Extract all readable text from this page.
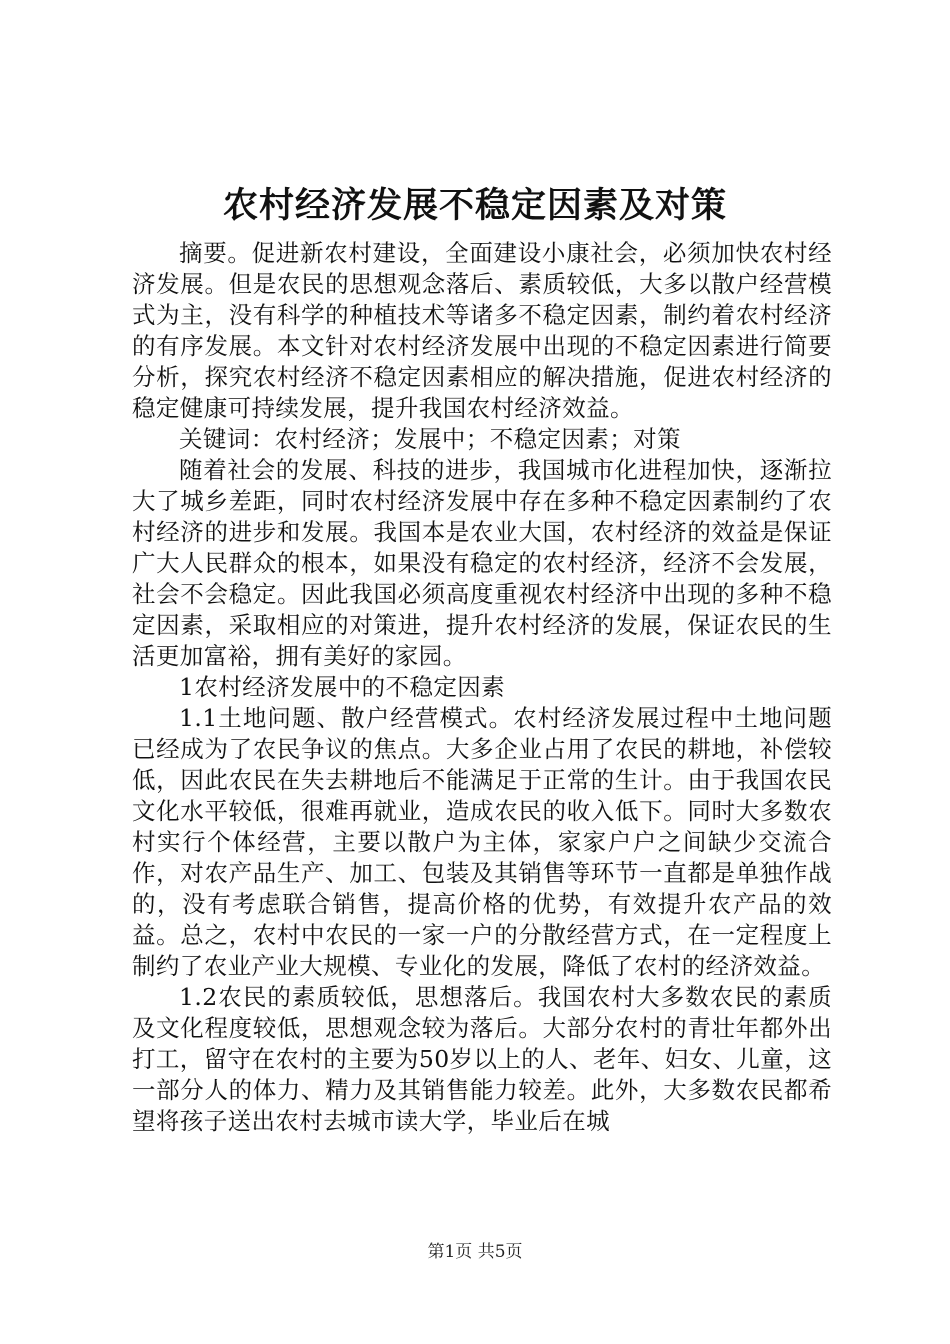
农村经济发展不稳定因素及对策

摘要。促进新农村建设，全面建设小康社会，必须加快农村经济发展。但是农民的思想观念落后、素质较低，大多以散户经营模式为主，没有科学的种植技术等诸多不稳定因素，制约着农村经济的有序发展。本文针对农村经济发展中出现的不稳定因素进行简要分析，探究农村经济不稳定因素相应的解决措施，促进农村经济的稳定健康可持续发展，提升我国农村经济效益。

关键词：农村经济；发展中；不稳定因素；对策

随着社会的发展、科技的进步，我国城市化进程加快，逐渐拉大了城乡差距，同时农村经济发展中存在多种不稳定因素制约了农村经济的进步和发展。我国本是农业大国，农村经济的效益是保证广大人民群众的根本，如果没有稳定的农村经济，经济不会发展，社会不会稳定。因此我国必须高度重视农村经济中出现的多种不稳定因素，采取相应的对策进，提升农村经济的发展，保证农民的生活更加富裕，拥有美好的家园。

1农村经济发展中的不稳定因素

1.1土地问题、散户经营模式。农村经济发展过程中土地问题已经成为了农民争议的焦点。大多企业占用了农民的耕地，补偿较低，因此农民在失去耕地后不能满足于正常的生计。由于我国农民文化水平较低，很难再就业，造成农民的收入低下。同时大多数农村实行个体经营，主要以散户为主体，家家户户之间缺少交流合作，对农产品生产、加工、包装及其销售等环节一直都是单独作战的，没有考虑联合销售，提高价格的优势，有效提升农产品的效益。总之，农村中农民的一家一户的分散经营方式，在一定程度上制约了农业产业大规模、专业化的发展，降低了农村的经济效益。

1.2农民的素质较低，思想落后。我国农村大多数农民的素质及文化程度较低，思想观念较为落后。大部分农村的青壮年都外出打工，留守在农村的主要为50岁以上的人、老年、妇女、儿童，这一部分人的体力、精力及其销售能力较差。此外，大多数农民都希望将孩子送出农村去城市读大学，毕业后在城

第1页 共5页
